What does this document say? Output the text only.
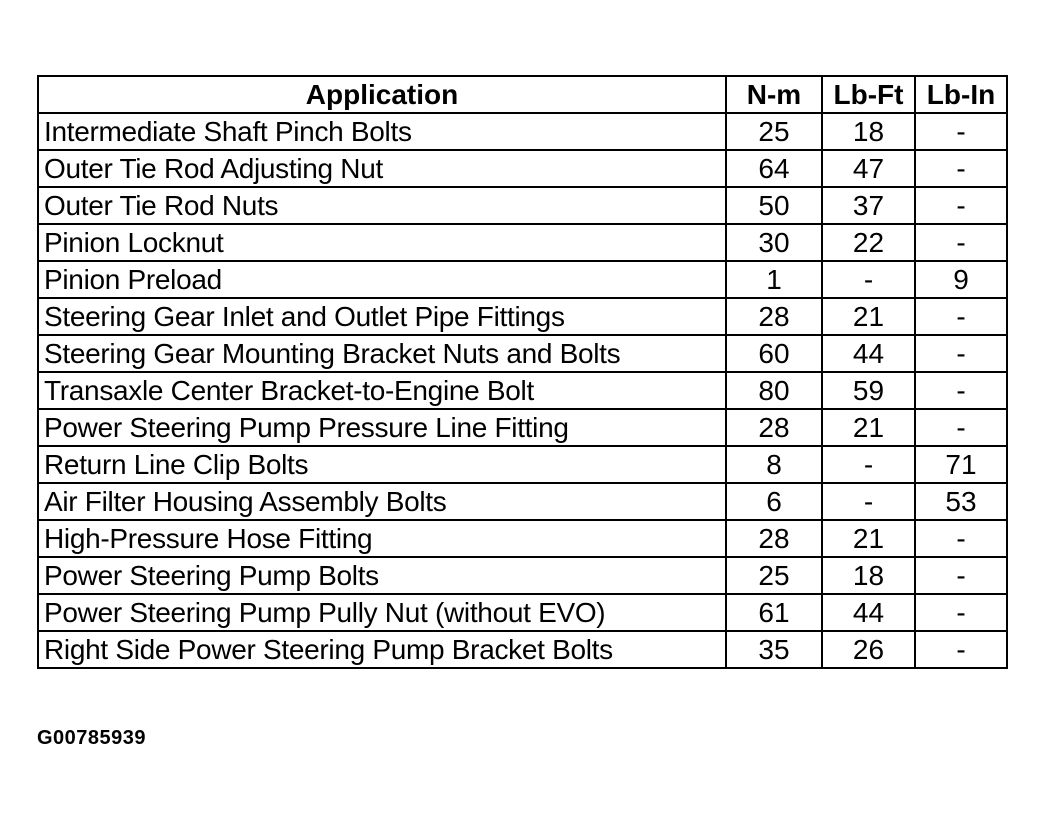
Application	N-m	Lb-Ft	Lb-In
Intermediate Shaft Pinch Bolts	25	18	-
Outer Tie Rod Adjusting Nut	64	47	-
Outer Tie Rod Nuts	50	37	-
Pinion Locknut	30	22	-
Pinion Preload	1	-	9
Steering Gear Inlet and Outlet Pipe Fittings	28	21	-
Steering Gear Mounting Bracket Nuts and Bolts	60	44	-
Transaxle Center Bracket-to-Engine Bolt	80	59	-
Power Steering Pump Pressure Line Fitting	28	21	-
Return Line Clip Bolts	8	-	71
Air Filter Housing Assembly Bolts	6	-	53
High-Pressure Hose Fitting	28	21	-
Power Steering Pump Bolts	25	18	-
Power Steering Pump Pully Nut (without EVO)	61	44	-
Right Side Power Steering Pump Bracket Bolts	35	26	-
G00785939
